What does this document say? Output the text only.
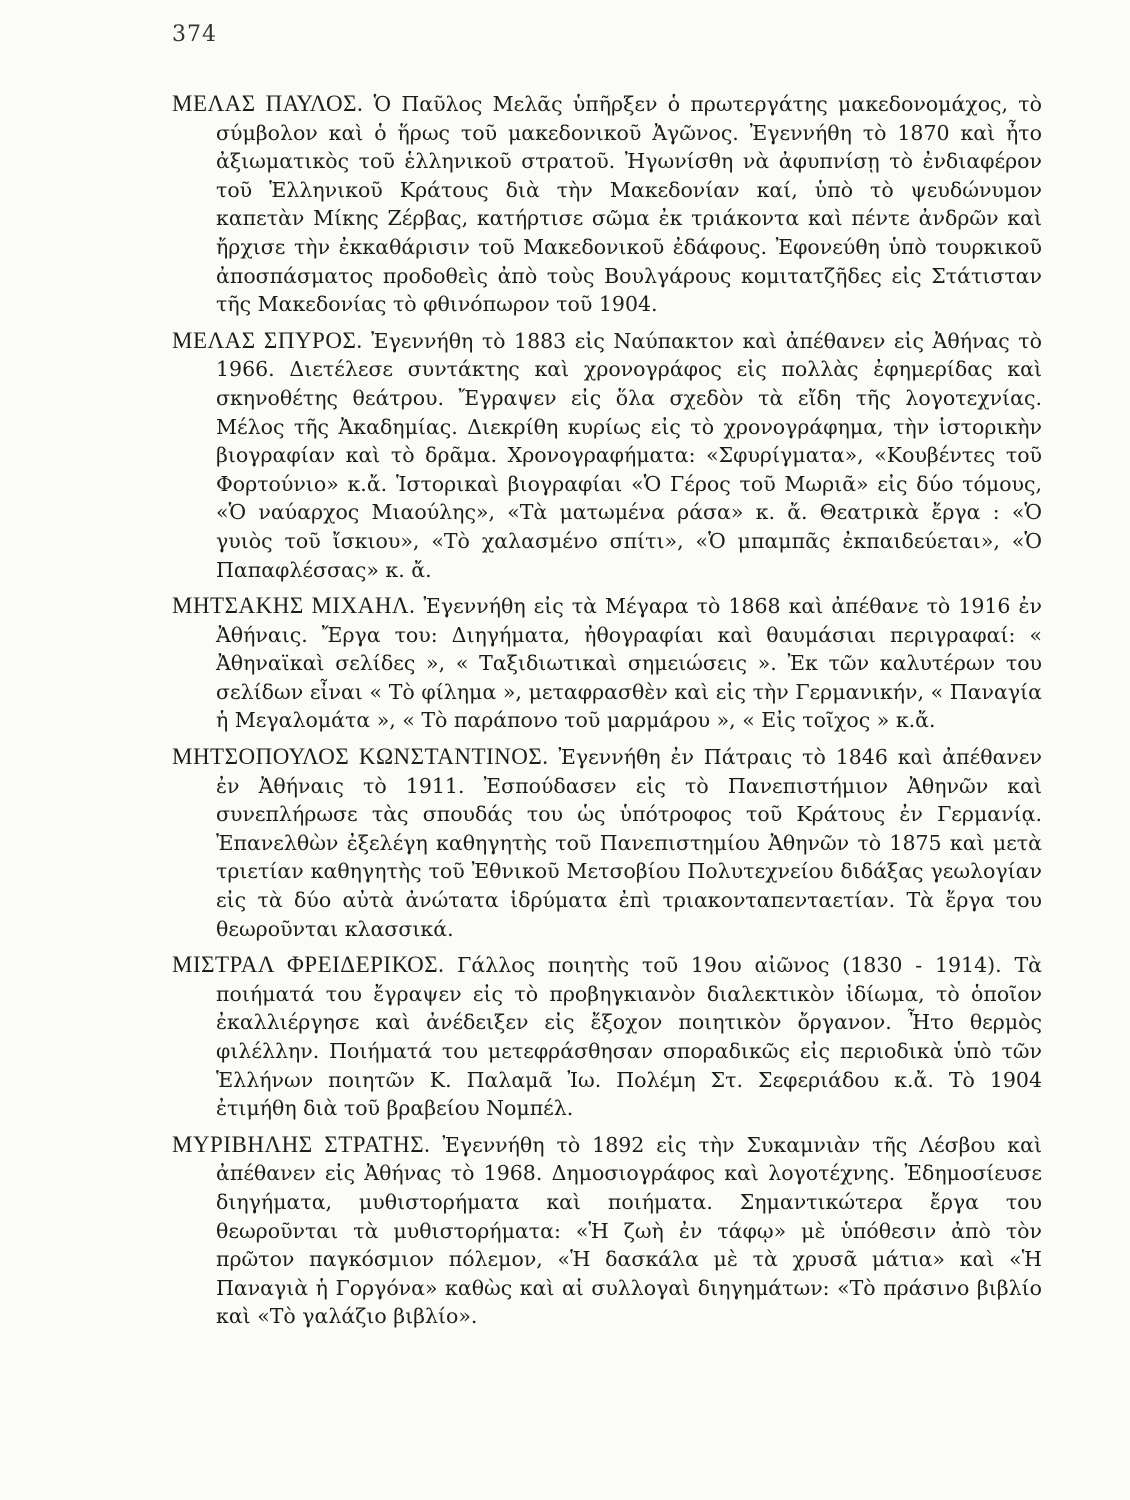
374

ΜΕΛΑΣ ΠΑΥΛΟΣ. Ὁ Παῦλος Μελᾶς ὑπῆρξεν ὁ πρωτεργάτης μακεδονομάχος, τὸ σύμβολον καὶ ὁ ἥρως τοῦ μακεδονικοῦ Ἀγῶνος. Ἐγεννήθη τὸ 1870 καὶ ἦτο ἀξιωματικὸς τοῦ ἑλληνικοῦ στρατοῦ. Ἠγωνίσθη νὰ ἀφυπνίσῃ τὸ ἐνδιαφέρον τοῦ Ἑλληνικοῦ Κράτους διὰ τὴν Μακεδονίαν καί, ὑπὸ τὸ ψευδώνυμον καπετὰν Μίκης Ζέρβας, κατήρτισε σῶμα ἐκ τριάκοντα καὶ πέντε ἀνδρῶν καὶ ἤρχισε τὴν ἐκκαθάρισιν τοῦ Μακεδονικοῦ ἐδάφους. Ἐφονεύθη ὑπὸ τουρκικοῦ ἀποσπάσματος προδοθεὶς ἀπὸ τοὺς Βουλγάρους κομιτατζῆδες εἰς Στάτισταν τῆς Μακεδονίας τὸ φθινόπωρον τοῦ 1904.

ΜΕΛΑΣ ΣΠΥΡΟΣ. Ἐγεννήθη τὸ 1883 εἰς Ναύπακτον καὶ ἀπέθανεν εἰς Ἀθήνας τὸ 1966. Διετέλεσε συντάκτης καὶ χρονογράφος εἰς πολλὰς ἐφημερίδας καὶ σκηνοθέτης θεάτρου. Ἔγραψεν εἰς ὅλα σχεδὸν τὰ εἴδη τῆς λογοτεχνίας. Μέλος τῆς Ἀκαδημίας. Διεκρίθη κυρίως εἰς τὸ χρονογράφημα, τὴν ἱστορικὴν βιογραφίαν καὶ τὸ δρᾶμα. Χρονογραφήματα: «Σφυρίγματα», «Κουβέντες τοῦ Φορτούνιο» κ.ἄ. Ἱστορικαὶ βιογραφίαι «Ὁ Γέρος τοῦ Μωριᾶ» εἰς δύο τόμους, «Ὁ ναύαρχος Μιαούλης», «Τὰ ματωμένα ράσα» κ. ἄ. Θεατρικὰ ἔργα : «Ὁ γυιὸς τοῦ ἴσκιου», «Τὸ χαλασμένο σπίτι», «Ὁ μπαμπᾶς ἐκπαιδεύεται», «Ὁ Παπαφλέσσας» κ. ἄ.

ΜΗΤΣΑΚΗΣ ΜΙΧΑΗΛ. Ἐγεννήθη εἰς τὰ Μέγαρα τὸ 1868 καὶ ἀπέθανε τὸ 1916 ἐν Ἀθήναις. Ἔργα του: Διηγήματα, ἠθογραφίαι καὶ θαυμάσιαι περιγραφαί: « Ἀθηναϊκαὶ σελίδες », « Ταξιδιωτικαὶ σημειώσεις ». Ἐκ τῶν καλυτέρων του σελίδων εἶναι « Τὸ φίλημα », μεταφρασθὲν καὶ εἰς τὴν Γερμανικήν, « Παναγία ἡ Μεγαλομάτα », « Τὸ παράπονο τοῦ μαρμάρου », « Εἰς τοῖχος » κ.ἄ.

ΜΗΤΣΟΠΟΥΛΟΣ ΚΩΝΣΤΑΝΤΙΝΟΣ. Ἐγεννήθη ἐν Πάτραις τὸ 1846 καὶ ἀπέθανεν ἐν Ἀθήναις τὸ 1911. Ἐσπούδασεν εἰς τὸ Πανεπιστήμιον Ἀθηνῶν καὶ συνεπλήρωσε τὰς σπουδάς του ὡς ὑπότροφος τοῦ Κράτους ἐν Γερμανίᾳ. Ἐπανελθὼν ἐξελέγη καθηγητὴς τοῦ Πανεπιστημίου Ἀθηνῶν τὸ 1875 καὶ μετὰ τριετίαν καθηγητὴς τοῦ Ἐθνικοῦ Μετσοβίου Πολυτεχνείου διδάξας γεωλογίαν εἰς τὰ δύο αὐτὰ ἀνώτατα ἱδρύματα ἐπὶ τριακονταπενταετίαν. Τὰ ἔργα του θεωροῦνται κλασσικά.

ΜΙΣΤΡΑΛ ΦΡΕΙΔΕΡΙΚΟΣ. Γάλλος ποιητὴς τοῦ 19ου αἰῶνος (1830 - 1914). Τὰ ποιήματά του ἔγραψεν εἰς τὸ προβηγκιανὸν διαλεκτικὸν ἰδίωμα, τὸ ὁποῖον ἐκαλλιέργησε καὶ ἀνέδειξεν εἰς ἔξοχον ποιητικὸν ὄργανον. Ἦτο θερμὸς φιλέλλην. Ποιήματά του μετεφράσθησαν σποραδικῶς εἰς περιοδικὰ ὑπὸ τῶν Ἑλλήνων ποιητῶν Κ. Παλαμᾶ Ἰω. Πολέμη Στ. Σεφεριάδου κ.ἄ. Τὸ 1904 ἐτιμήθη διὰ τοῦ βραβείου Νομπέλ.

ΜΥΡΙΒΗΛΗΣ ΣΤΡΑΤΗΣ. Ἐγεννήθη τὸ 1892 εἰς τὴν Συκαμνιὰν τῆς Λέσβου καὶ ἀπέθανεν εἰς Ἀθήνας τὸ 1968. Δημοσιογράφος καὶ λογοτέχνης. Ἐδημοσίευσε διηγήματα, μυθιστορήματα καὶ ποιήματα. Σημαντικώτερα ἔργα του θεωροῦνται τὰ μυθιστορήματα: «Ἡ ζωὴ ἐν τάφῳ» μὲ ὑπόθεσιν ἀπὸ τὸν πρῶτον παγκόσμιον πόλεμον, «Ἡ δασκάλα μὲ τὰ χρυσᾶ μάτια» καὶ «Ἡ Παναγιὰ ἡ Γοργόνα» καθὼς καὶ αἱ συλλογαὶ διηγημάτων: «Τὸ πράσινο βιβλίο καὶ «Τὸ γαλάζιο βιβλίο».
